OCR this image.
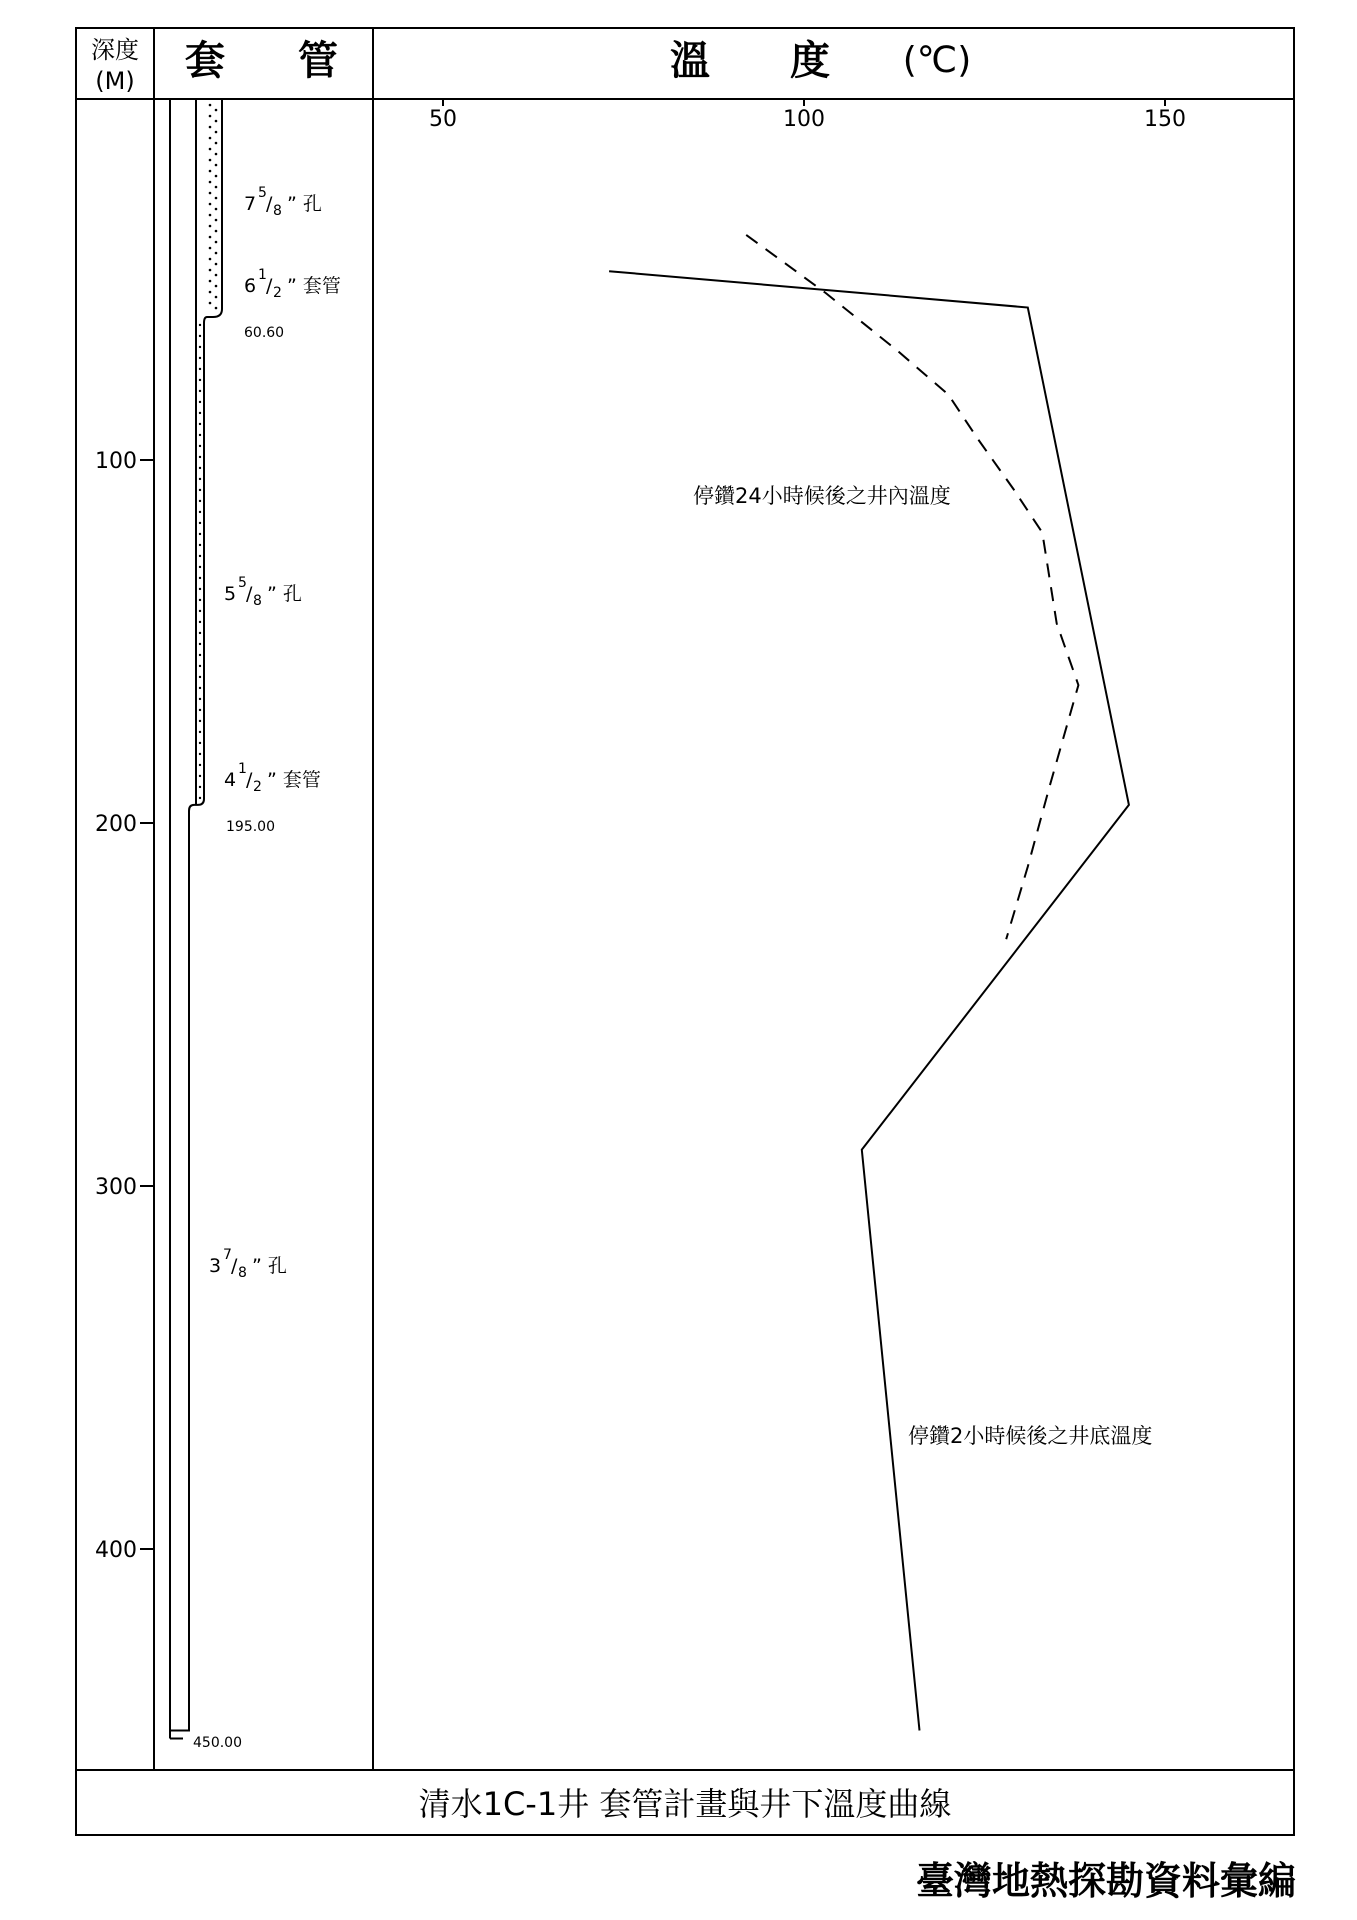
深度
(M) 套 管	溫 度 (℃)
50	100	150
100
200
300
400
7 5 / 8 ” 孔
6 1 / 2 ” 套管
60.60
5 5 / 8 ” 孔
4 1 / 2 ” 套管
195.00
3 7 / 8 ” 孔
450.00
停鑽24小時候後之井內溫度
停鑽2小時候後之井底溫度
清水1C-1井 套管計畫與井下溫度曲線
臺灣地熱探勘資料彙編
